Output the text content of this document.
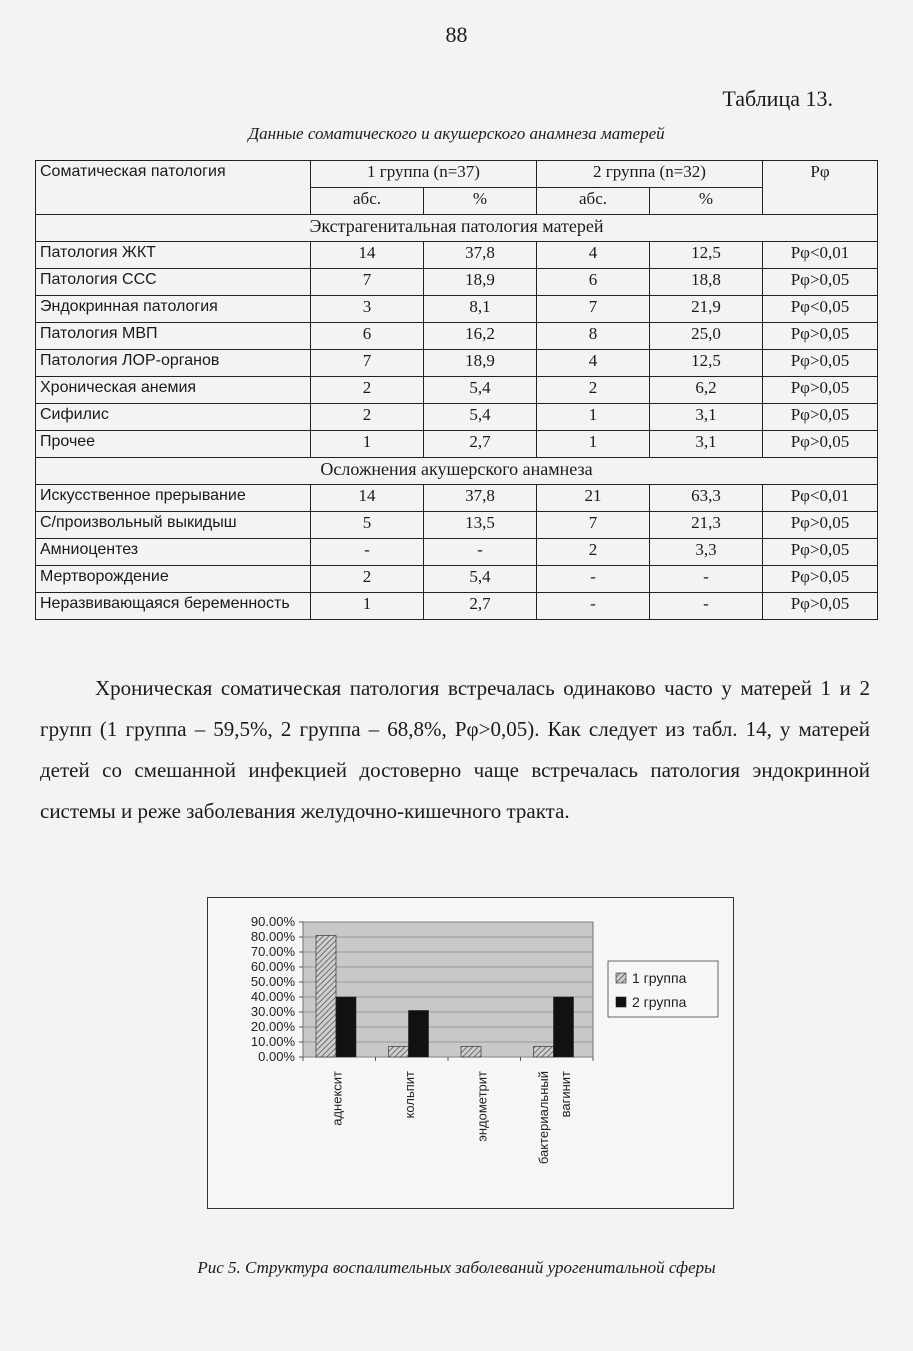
88
Таблица 13.
Данные соматического и акушерского анамнеза матерей
Соматическая патология	1 группа (n=37)		2 группа (n=32)		Рφ
	абс.	%	абс.	%	
Экстрагенитальная патология матерей					
Патология ЖКТ	14	37,8	4	12,5	Рφ<0,01
Патология ССС	7	18,9	6	18,8	Рφ>0,05
Эндокринная патология	3	8,1	7	21,9	Рφ<0,05
Патология МВП	6	16,2	8	25,0	Рφ>0,05
Патология ЛОР-органов	7	18,9	4	12,5	Рφ>0,05
Хроническая анемия	2	5,4	2	6,2	Рφ>0,05
Сифилис	2	5,4	1	3,1	Рφ>0,05
Прочее	1	2,7	1	3,1	Рφ>0,05
Осложнения акушерского анамнеза					
Искусственное прерывание	14	37,8	21	63,3	Рφ<0,01
С/произвольный выкидыш	5	13,5	7	21,3	Рφ>0,05
Амниоцентез	-	-	2	3,3	Рφ>0,05
Мертворождение	2	5,4	-	-	Рφ>0,05
Неразвивающаяся беременность	1	2,7	-	-	Рφ>0,05
Хроническая соматическая патология встречалась одинаково часто у матерей 1 и 2 групп (1 группа – 59,5%, 2 группа – 68,8%, Рφ>0,05). Как следует из табл. 14, у матерей детей со смешанной инфекцией достоверно чаще встречалась патология эндокринной системы и реже заболевания желудочно-кишечного тракта.
0.00%
10.00%
20.00%
30.00%
40.00%
50.00%
60.00%
70.00%
80.00%
90.00%
аднексит	кольпит	эндометрит	бактериальный вагинит
1 группа
2 группа
Рис 5. Структура воспалительных заболеваний урогенитальной сферы
